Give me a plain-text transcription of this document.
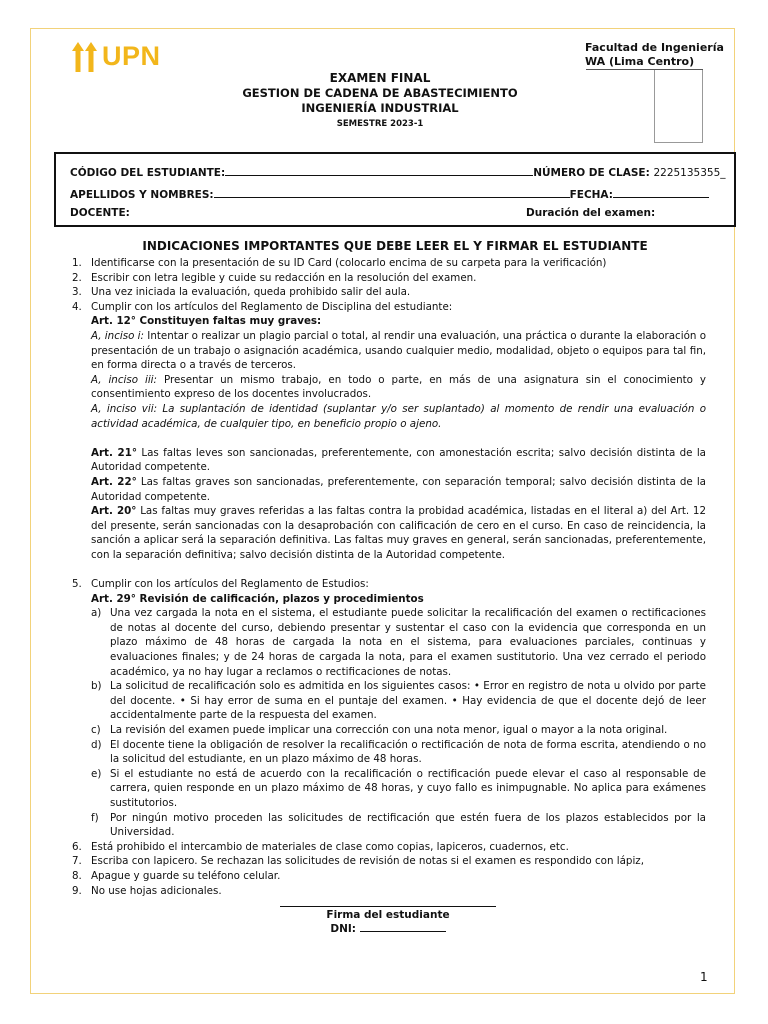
UPN	Facultad de Ingeniería
WA (Lima Centro)
EXAMEN FINAL
GESTION DE CADENA DE ABASTECIMIENTO
INGENIERÍA INDUSTRIAL
SEMESTRE 2023-1
CÓDIGO DEL ESTUDIANTE:	NÚMERO DE CLASE: 2225135355_
APELLIDOS Y NOMBRES:	FECHA:
DOCENTE:	Duración del examen:
INDICACIONES IMPORTANTES QUE DEBE LEER EL Y FIRMAR EL ESTUDIANTE
1. Identificarse con la presentación de su ID Card (colocarlo encima de su carpeta para la verificación)
2. Escribir con letra legible y cuide su redacción en la resolución del examen.
3. Una vez iniciada la evaluación, queda prohibido salir del aula.
4. Cumplir con los artículos del Reglamento de Disciplina del estudiante:
Art. 12° Constituyen faltas muy graves:
A, inciso i: Intentar o realizar un plagio parcial o total, al rendir una evaluación, una práctica o durante la elaboración o presentación de un trabajo o asignación académica, usando cualquier medio, modalidad, objeto o equipos para tal fin, en forma directa o a través de terceros.
A, inciso iii: Presentar un mismo trabajo, en todo o parte, en más de una asignatura sin el conocimiento y consentimiento expreso de los docentes involucrados.
A, inciso vii: La suplantación de identidad (suplantar y/o ser suplantado) al momento de rendir una evaluación o actividad académica, de cualquier tipo, en beneficio propio o ajeno.
Art. 21° Las faltas leves son sancionadas, preferentemente, con amonestación escrita; salvo decisión distinta de la Autoridad competente.
Art. 22° Las faltas graves son sancionadas, preferentemente, con separación temporal; salvo decisión distinta de la Autoridad competente.
Art. 20° Las faltas muy graves referidas a las faltas contra la probidad académica, listadas en el literal a) del Art. 12 del presente, serán sancionadas con la desaprobación con calificación de cero en el curso. En caso de reincidencia, la sanción a aplicar será la separación definitiva. Las faltas muy graves en general, serán sancionadas, preferentemente, con la separación definitiva; salvo decisión distinta de la Autoridad competente.
5. Cumplir con los artículos del Reglamento de Estudios:
Art. 29° Revisión de calificación, plazos y procedimientos
a) Una vez cargada la nota en el sistema, el estudiante puede solicitar la recalificación del examen o rectificaciones de notas al docente del curso, debiendo presentar y sustentar el caso con la evidencia que corresponda en un plazo máximo de 48 horas de cargada la nota en el sistema, para evaluaciones parciales, continuas y evaluaciones finales; y de 24 horas de cargada la nota, para el examen sustitutorio. Una vez cerrado el periodo académico, ya no hay lugar a reclamos o rectificaciones de notas.
b) La solicitud de recalificación solo es admitida en los siguientes casos: • Error en registro de nota u olvido por parte del docente. • Si hay error de suma en el puntaje del examen. • Hay evidencia de que el docente dejó de leer accidentalmente parte de la respuesta del examen.
c) La revisión del examen puede implicar una corrección con una nota menor, igual o mayor a la nota original.
d) El docente tiene la obligación de resolver la recalificación o rectificación de nota de forma escrita, atendiendo o no la solicitud del estudiante, en un plazo máximo de 48 horas.
e) Si el estudiante no está de acuerdo con la recalificación o rectificación puede elevar el caso al responsable de carrera, quien responde en un plazo máximo de 48 horas, y cuyo fallo es inimpugnable. No aplica para exámenes sustitutorios.
f)	Por ningún motivo proceden las solicitudes de rectificación que estén fuera de los plazos establecidos por la Universidad.
6. Está prohibido el intercambio de materiales de clase como copias, lapiceros, cuadernos, etc.
7. Escriba con lapicero. Se rechazan las solicitudes de revisión de notas si el examen es respondido con lápiz,
8. Apague y guarde su teléfono celular.
9. No use hojas adicionales.
Firma del estudiante
DNI:
1
